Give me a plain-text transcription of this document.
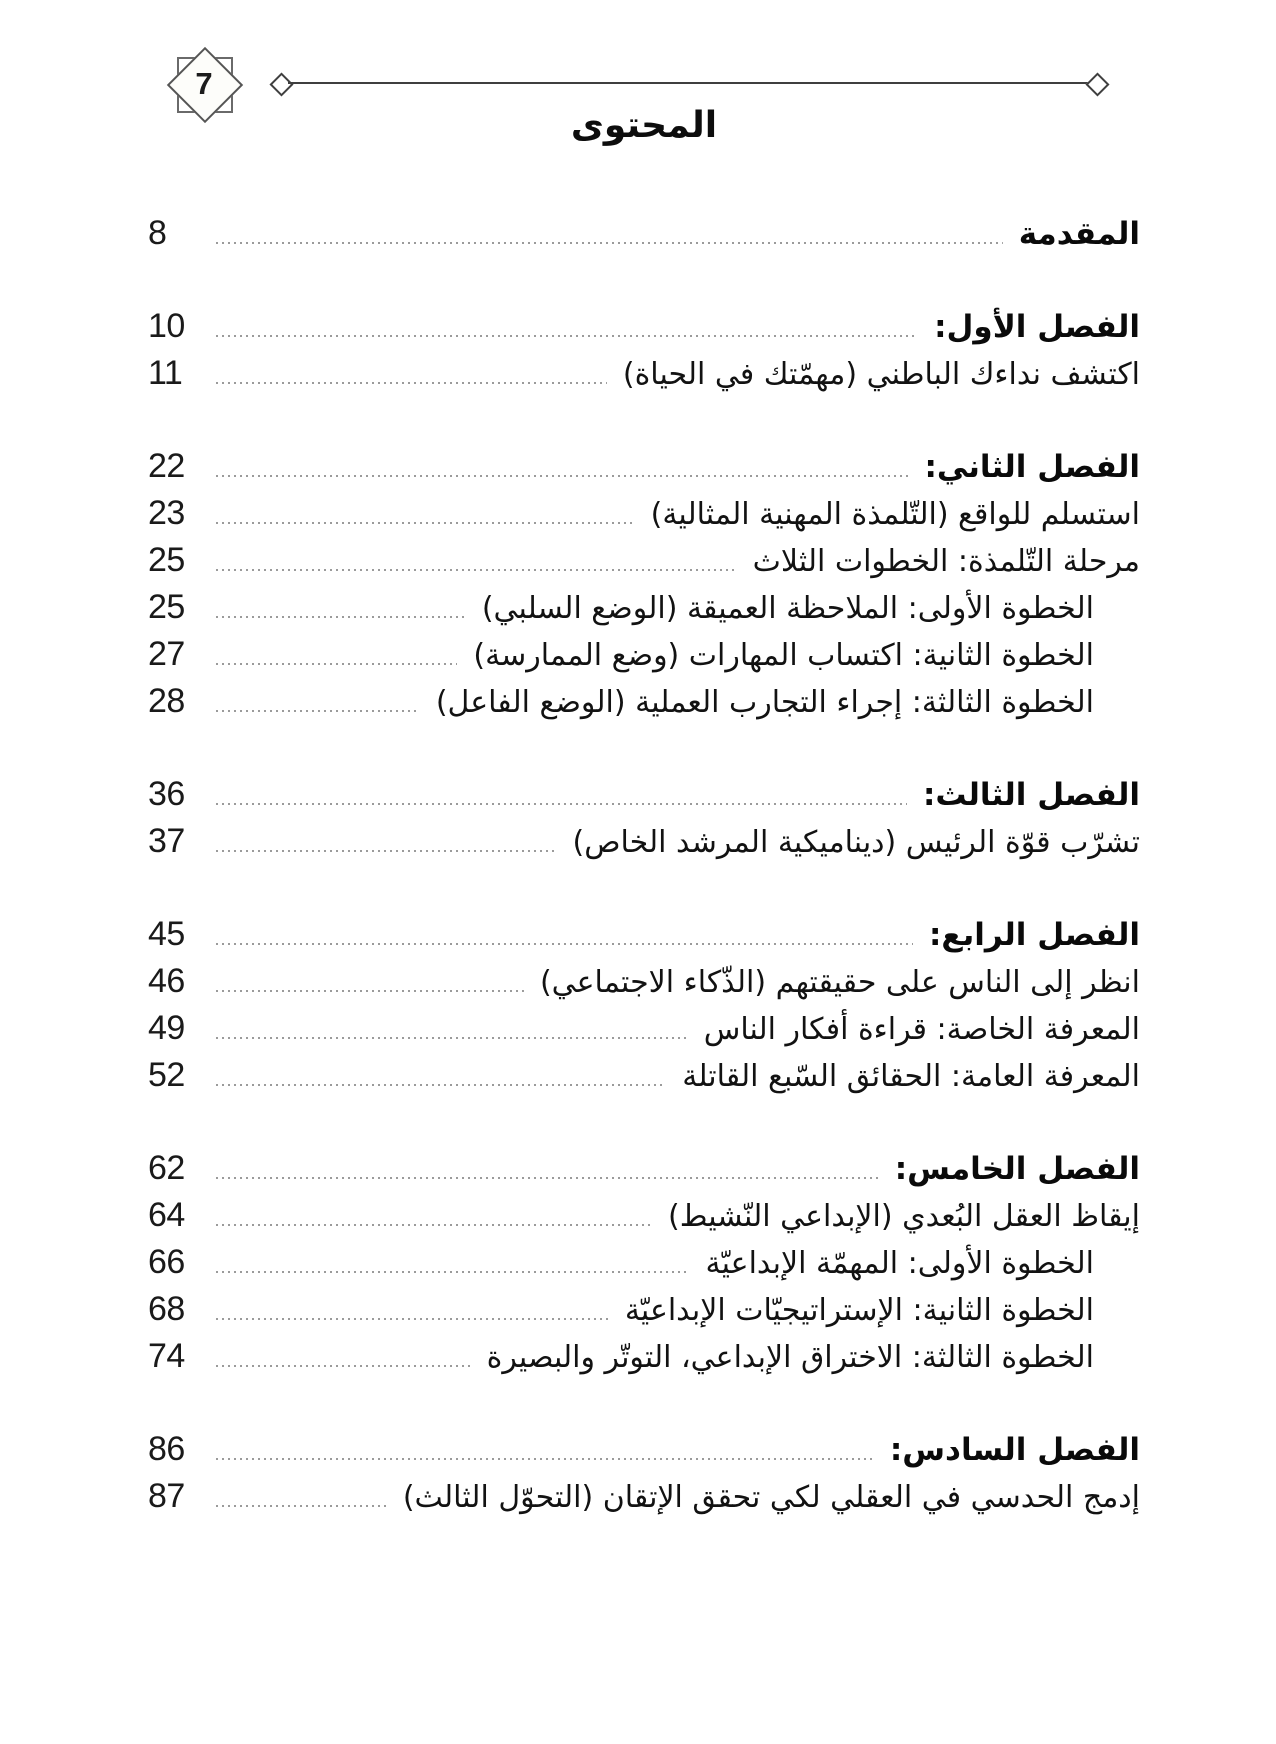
7
المحتوى
المقدمة
8
الفصل الأول:
10
اكتشف نداءك الباطني (مهمّتك في الحياة)
11
الفصل الثاني:
22
استسلم للواقع (التّلمذة المهنية المثالية)
23
مرحلة التّلمذة: الخطوات الثلاث
25
الخطوة الأولى: الملاحظة العميقة (الوضع السلبي)
25
الخطوة الثانية: اكتساب المهارات (وضع الممارسة)
27
الخطوة الثالثة: إجراء التجارب العملية (الوضع الفاعل)
28
الفصل الثالث:
36
تشرّب قوّة الرئيس (ديناميكية المرشد الخاص)
37
الفصل الرابع:
45
انظر إلى الناس على حقيقتهم (الذّكاء الاجتماعي)
46
المعرفة الخاصة: قراءة أفكار الناس
49
المعرفة العامة: الحقائق السّبع القاتلة
52
الفصل الخامس:
62
إيقاظ العقل البُعدي (الإبداعي النّشيط)
64
الخطوة الأولى: المهمّة الإبداعيّة
66
الخطوة الثانية: الإستراتيجيّات الإبداعيّة
68
الخطوة الثالثة: الاختراق الإبداعي، التوتّر والبصيرة
74
الفصل السادس:
86
إدمج الحدسي في العقلي لكي تحقق الإتقان (التحوّل الثالث)
87
